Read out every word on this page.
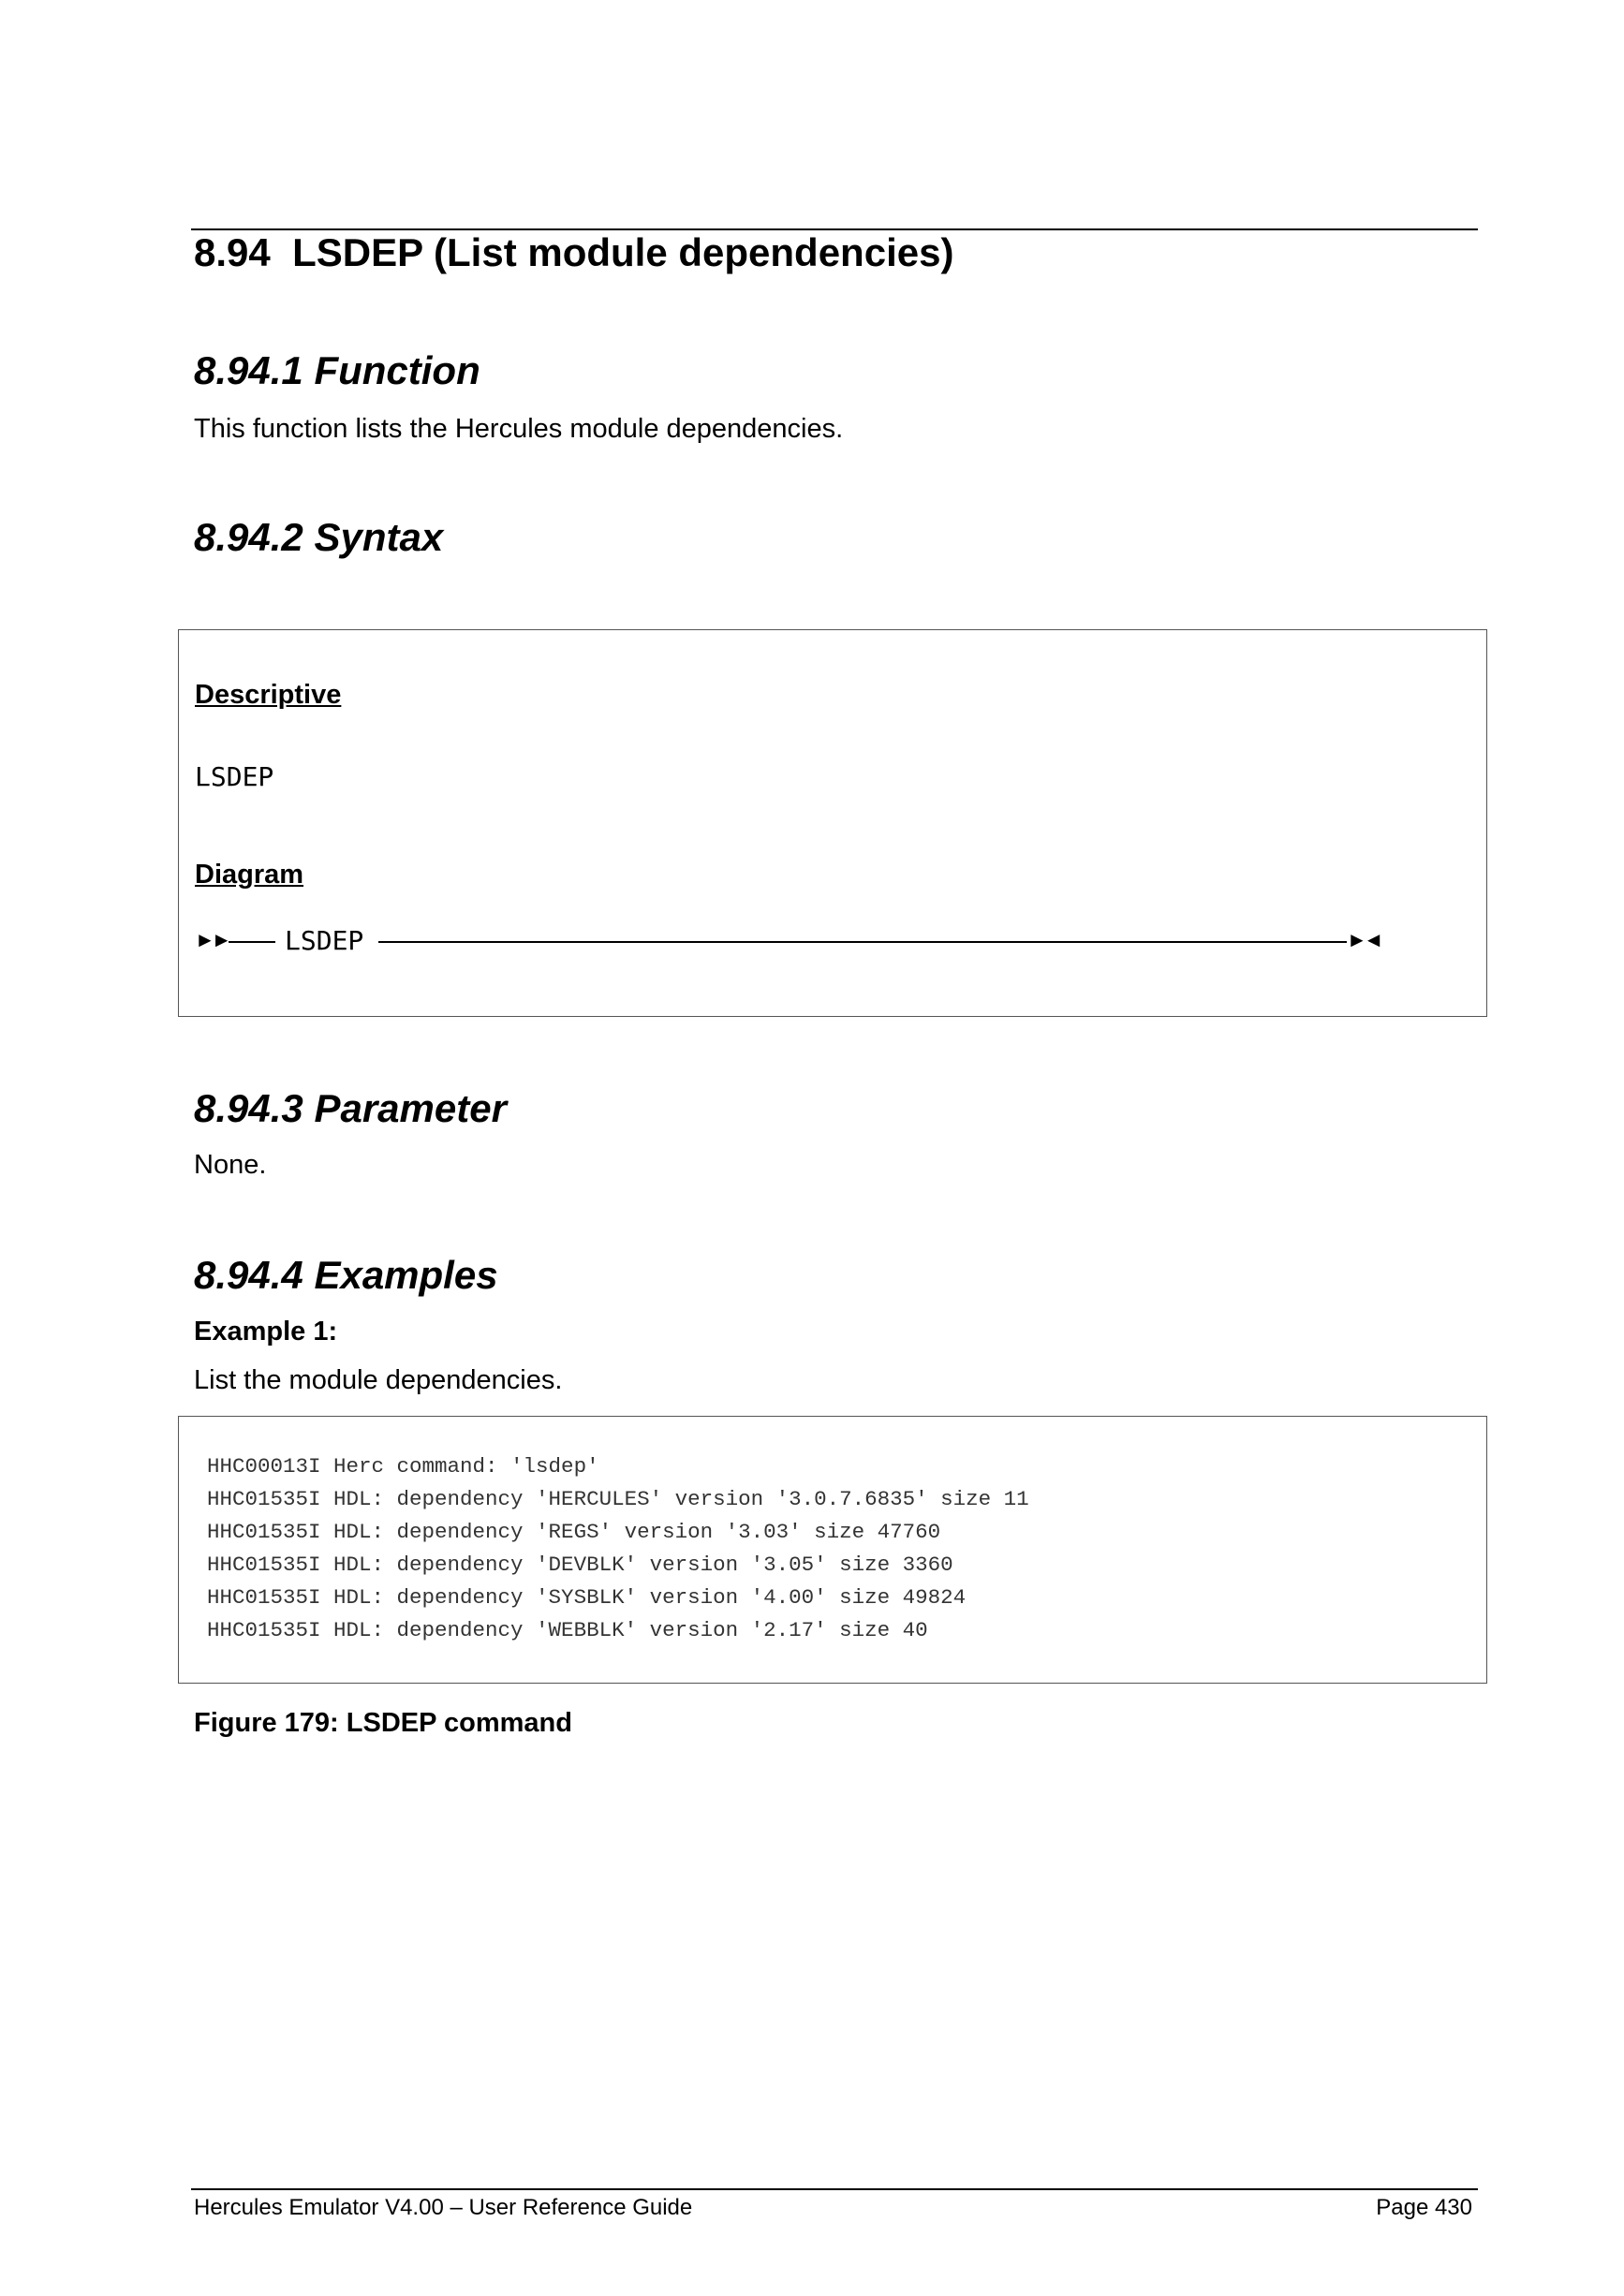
8.94 LSDEP (List module dependencies)
8.94.1 Function
This function lists the Hercules module dependencies.
8.94.2 Syntax
Descriptive
LSDEP
Diagram
►► LSDEP	►◄
8.94.3 Parameter
None.
8.94.4 Examples
Example 1:
List the module dependencies.
HHC00013I Herc command: 'lsdep'
HHC01535I HDL: dependency 'HERCULES' version '3.0.7.6835' size 11
HHC01535I HDL: dependency 'REGS' version '3.03' size 47760
HHC01535I HDL: dependency 'DEVBLK' version '3.05' size 3360
HHC01535I HDL: dependency 'SYSBLK' version '4.00' size 49824
HHC01535I HDL: dependency 'WEBBLK' version '2.17' size 40
Figure 179: LSDEP command
Hercules Emulator V4.00 – User Reference Guide	Page 430
